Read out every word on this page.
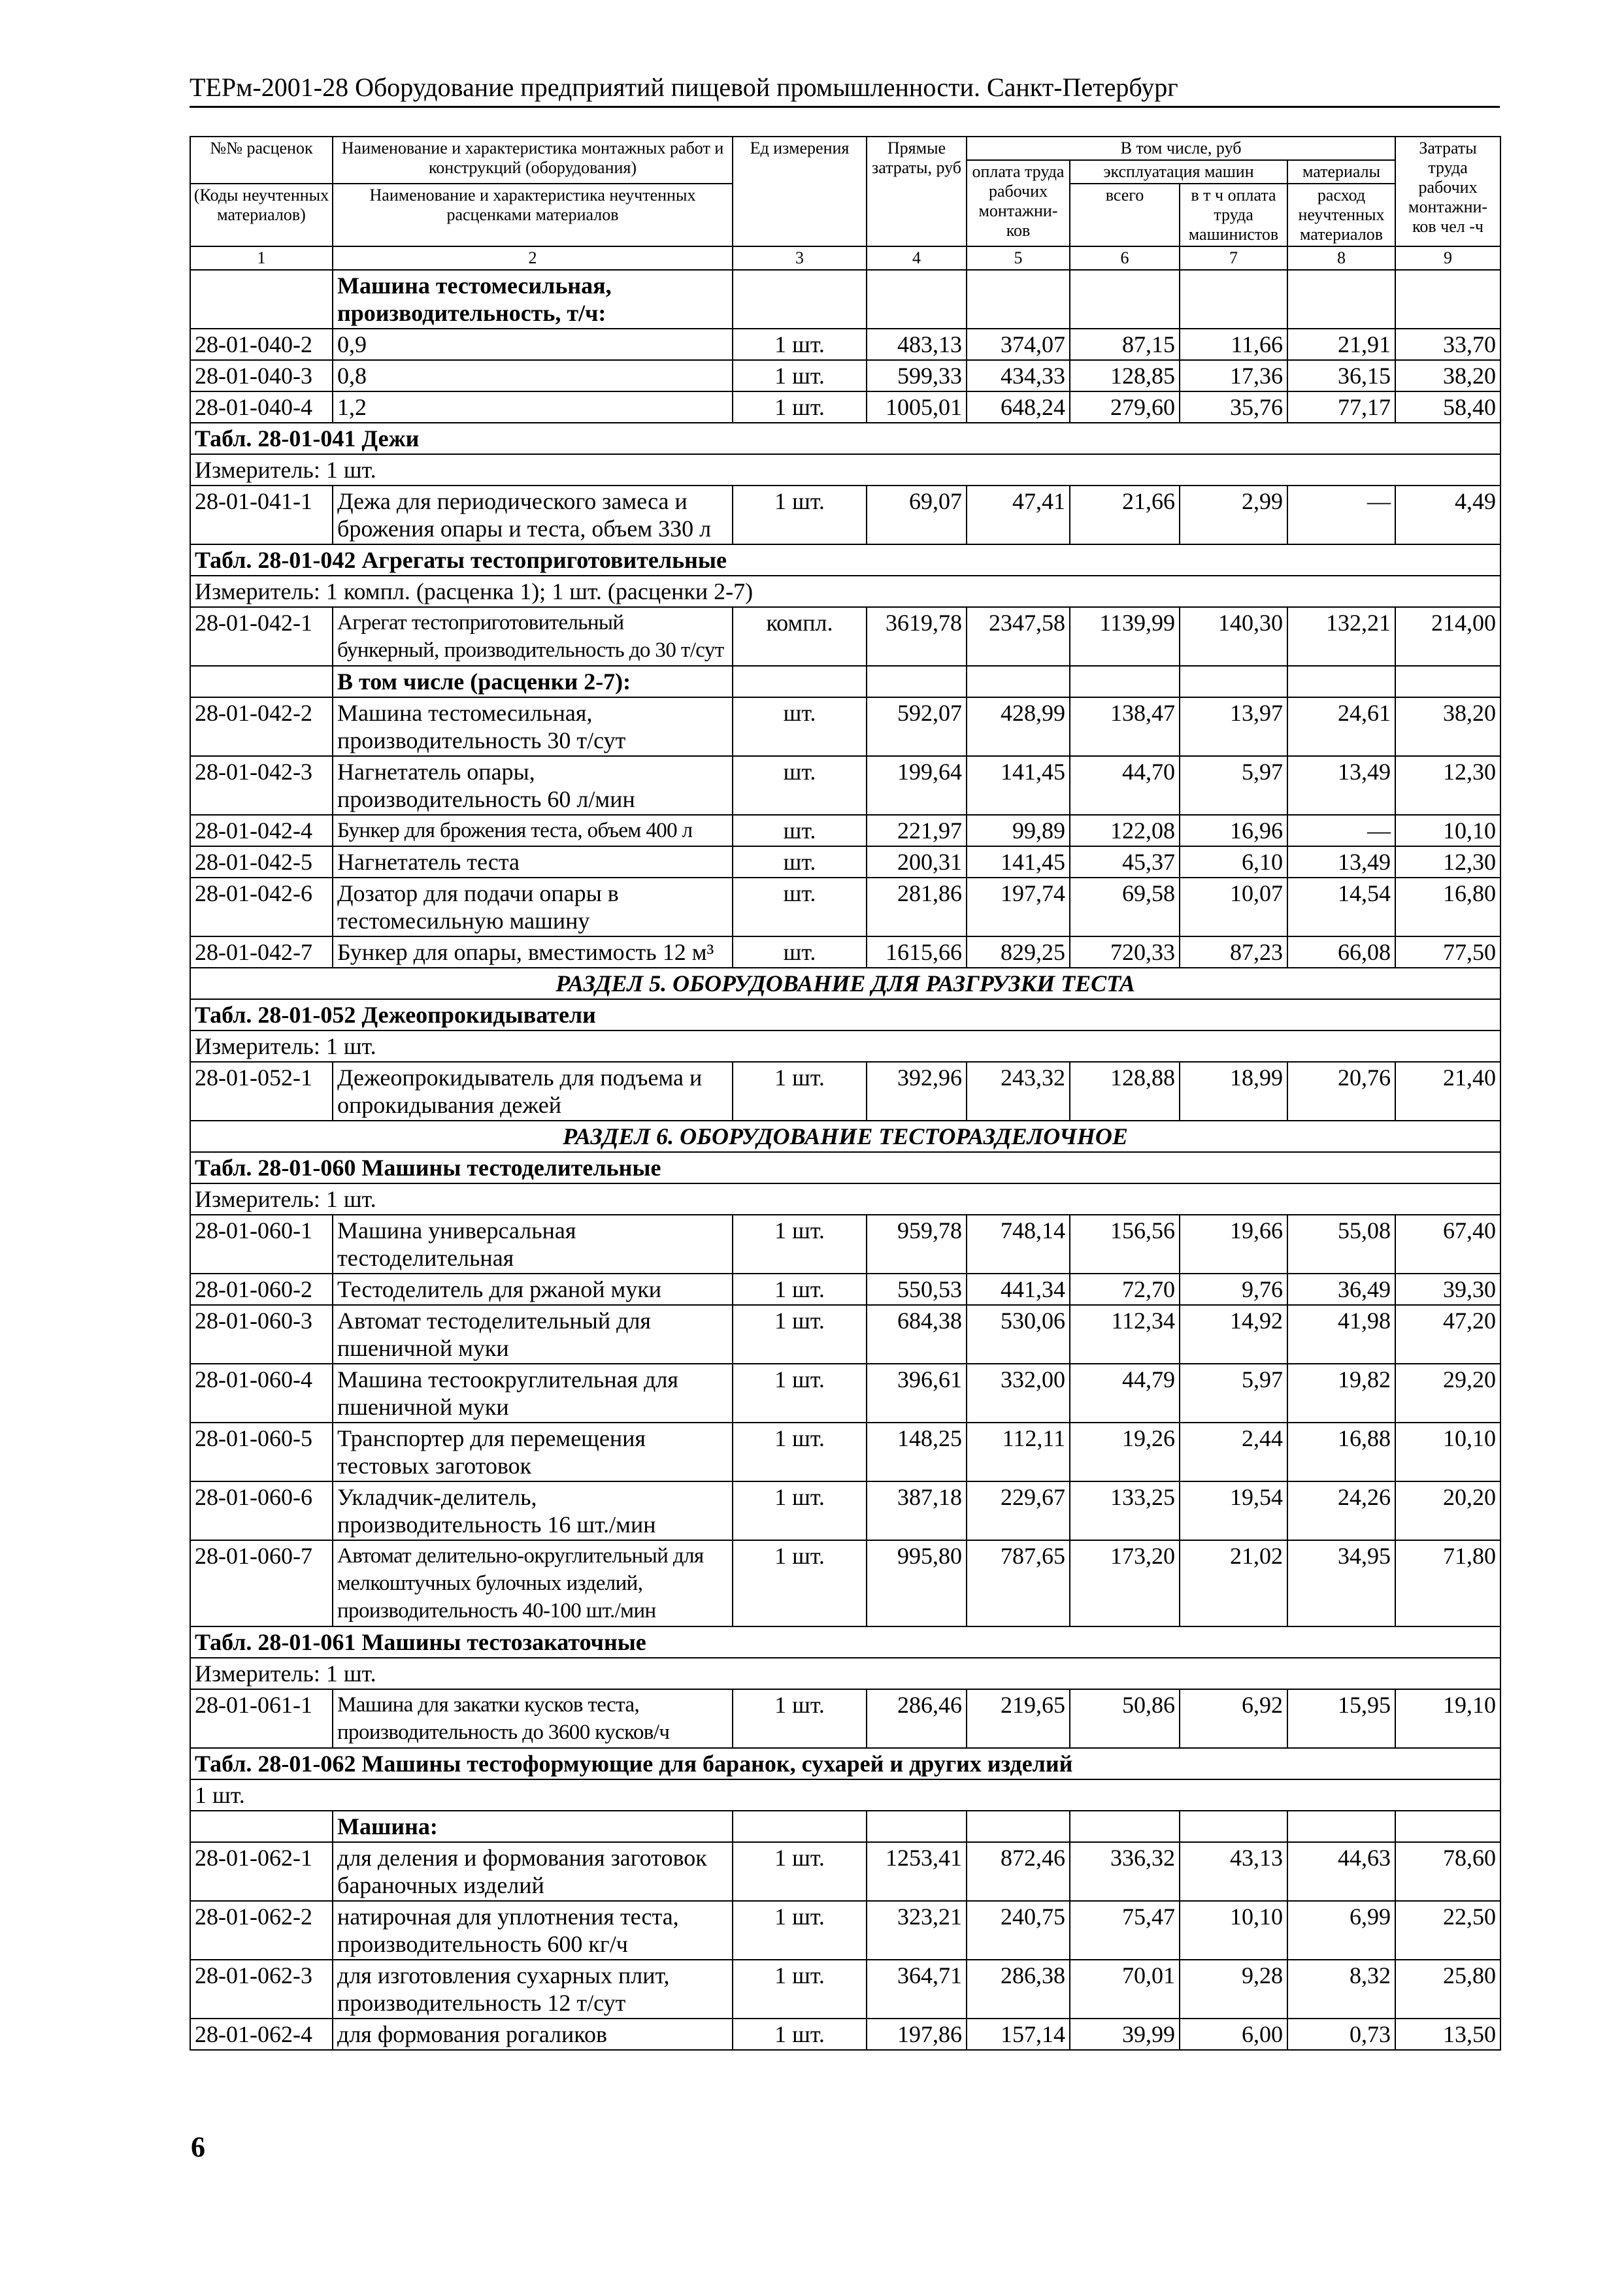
ТЕРм-2001-28 Оборудование предприятий пищевой промышленности. Санкт-Петербург
№№ расценок	Наименование и характеристика монтажных работ и конструкций (оборудования)	Ед измерения	Прямые затраты, руб	В том числе, руб				Затраты труда рабочих монтажни-ков чел -ч
				оплата труда рабочих монтажни-ков	эксплуатация машин		материалы	
(Коды неучтенных материалов)	Наименование и характеристика неучтенных расценками материалов				всего	в т ч оплата труда машинистов	расход неучтенных материалов	

1	2	3	4	5	6	7	8	9
	Машина тестомесильная, производительность, т/ч:							
28-01-040-2	0,9	1 шт.	483,13	374,07	87,15	11,66	21,91	33,70
28-01-040-3	0,8	1 шт.	599,33	434,33	128,85	17,36	36,15	38,20
28-01-040-4	1,2	1 шт.	1005,01	648,24	279,60	35,76	77,17	58,40
Табл. 28-01-041 Дежи								
Измеритель: 1 шт.								
28-01-041-1	Дежа для периодического замеса и брожения опары и теста, объем 330 л	1 шт.	69,07	47,41	21,66	2,99	—	4,49
Табл. 28-01-042 Агрегаты тестоприготовительные								
Измеритель: 1 компл. (расценка 1); 1 шт. (расценки 2-7)								
28-01-042-1	Агрегат тестоприготовительный бункерный, производительность до 30 т/сут	компл.	3619,78	2347,58	1139,99	140,30	132,21	214,00
	В том числе (расценки 2-7):							
28-01-042-2	Машина тестомесильная, производительность 30 т/сут	шт.	592,07	428,99	138,47	13,97	24,61	38,20
28-01-042-3	Нагнетатель опары, производительность 60 л/мин	шт.	199,64	141,45	44,70	5,97	13,49	12,30
28-01-042-4	Бункер для брожения теста, объем 400 л	шт.	221,97	99,89	122,08	16,96	—	10,10
28-01-042-5	Нагнетатель теста	шт.	200,31	141,45	45,37	6,10	13,49	12,30
28-01-042-6	Дозатор для подачи опары в тестомесильную машину	шт.	281,86	197,74	69,58	10,07	14,54	16,80
28-01-042-7	Бункер для опары, вместимость 12 м³	шт.	1615,66	829,25	720,33	87,23	66,08	77,50
РАЗДЕЛ 5. ОБОРУДОВАНИЕ ДЛЯ РАЗГРУЗКИ ТЕСТА								
Табл. 28-01-052 Дежеопрокидыватели								
Измеритель: 1 шт.								
28-01-052-1	Дежеопрокидыватель для подъема и опрокидывания дежей	1 шт.	392,96	243,32	128,88	18,99	20,76	21,40
РАЗДЕЛ 6. ОБОРУДОВАНИЕ ТЕСТОРАЗДЕЛОЧНОЕ								
Табл. 28-01-060 Машины тестоделительные								
Измеритель: 1 шт.								
28-01-060-1	Машина универсальная тестоделительная	1 шт.	959,78	748,14	156,56	19,66	55,08	67,40
28-01-060-2	Тестоделитель для ржаной муки	1 шт.	550,53	441,34	72,70	9,76	36,49	39,30
28-01-060-3	Автомат тестоделительный для пшеничной муки	1 шт.	684,38	530,06	112,34	14,92	41,98	47,20
28-01-060-4	Машина тестоокруглительная для пшеничной муки	1 шт.	396,61	332,00	44,79	5,97	19,82	29,20
28-01-060-5	Транспортер для перемещения тестовых заготовок	1 шт.	148,25	112,11	19,26	2,44	16,88	10,10
28-01-060-6	Укладчик-делитель, производительность 16 шт./мин	1 шт.	387,18	229,67	133,25	19,54	24,26	20,20
28-01-060-7	Автомат делительно-округлительный для мелкоштучных булочных изделий, производительность 40-100 шт./мин	1 шт.	995,80	787,65	173,20	21,02	34,95	71,80
Табл. 28-01-061 Машины тестозакаточные								
Измеритель: 1 шт.								
28-01-061-1	Машина для закатки кусков теста, производительность до 3600 кусков/ч	1 шт.	286,46	219,65	50,86	6,92	15,95	19,10
Табл. 28-01-062 Машины тестоформующие для баранок, сухарей и других изделий								
1 шт.								
	Машина:							
28-01-062-1	для деления и формования заготовок бараночных изделий	1 шт.	1253,41	872,46	336,32	43,13	44,63	78,60
28-01-062-2	натирочная для уплотнения теста, производительность 600 кг/ч	1 шт.	323,21	240,75	75,47	10,10	6,99	22,50
28-01-062-3	для изготовления сухарных плит, производительность 12 т/сут	1 шт.	364,71	286,38	70,01	9,28	8,32	25,80
28-01-062-4	для формования рогаликов	1 шт.	197,86	157,14	39,99	6,00	0,73	13,50
6
